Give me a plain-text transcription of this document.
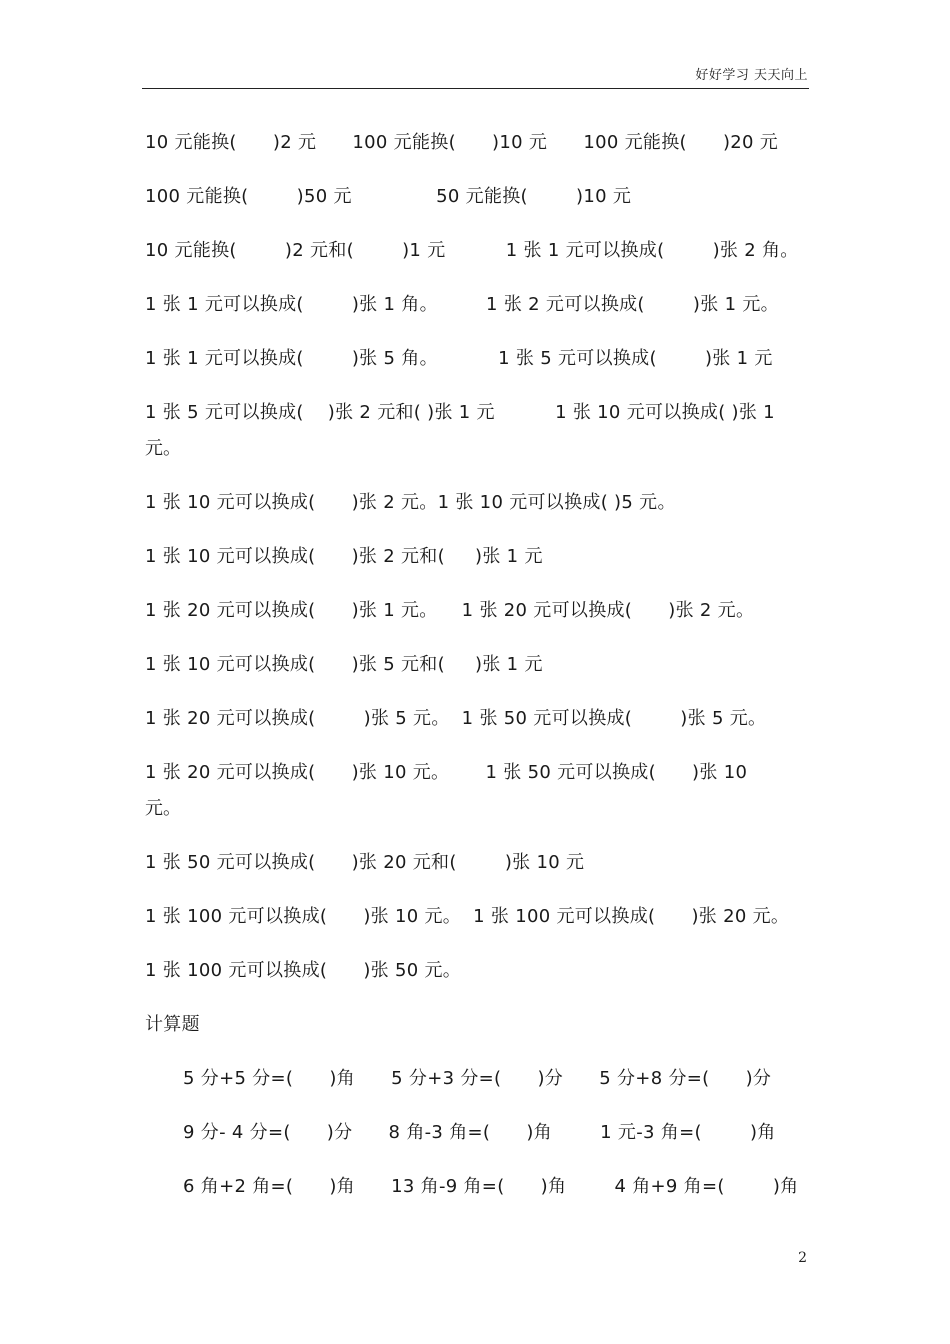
好好学习 天天向上
10 元能换(      )2 元      100 元能换(      )10 元      100 元能换(      )20 元
100 元能换(        )50 元              50 元能换(        )10 元
10 元能换(        )2 元和(        )1 元          1 张 1 元可以换成(        )张 2 角。
1 张 1 元可以换成(        )张 1 角。        1 张 2 元可以换成(        )张 1 元。
1 张 1 元可以换成(        )张 5 角。          1 张 5 元可以换成(        )张 1 元
1 张 5 元可以换成(    )张 2 元和( )张 1 元          1 张 10 元可以换成( )张 1
元。
1 张 10 元可以换成(      )张 2 元。1 张 10 元可以换成( )5 元。
1 张 10 元可以换成(      )张 2 元和(     )张 1 元
1 张 20 元可以换成(      )张 1 元。    1 张 20 元可以换成(      )张 2 元。
1 张 10 元可以换成(      )张 5 元和(     )张 1 元
1 张 20 元可以换成(        )张 5 元。  1 张 50 元可以换成(        )张 5 元。
1 张 20 元可以换成(      )张 10 元。      1 张 50 元可以换成(      )张 10
元。
1 张 50 元可以换成(      )张 20 元和(        )张 10 元
1 张 100 元可以换成(      )张 10 元。  1 张 100 元可以换成(      )张 20 元。
1 张 100 元可以换成(      )张 50 元。
计算题
5 分+5 分=(      )角      5 分+3 分=(      )分      5 分+8 分=(      )分
9 分- 4 分=(      )分      8 角-3 角=(      )角        1 元-3 角=(        )角
6 角+2 角=(      )角      13 角-9 角=(      )角        4 角+9 角=(        )角
2
